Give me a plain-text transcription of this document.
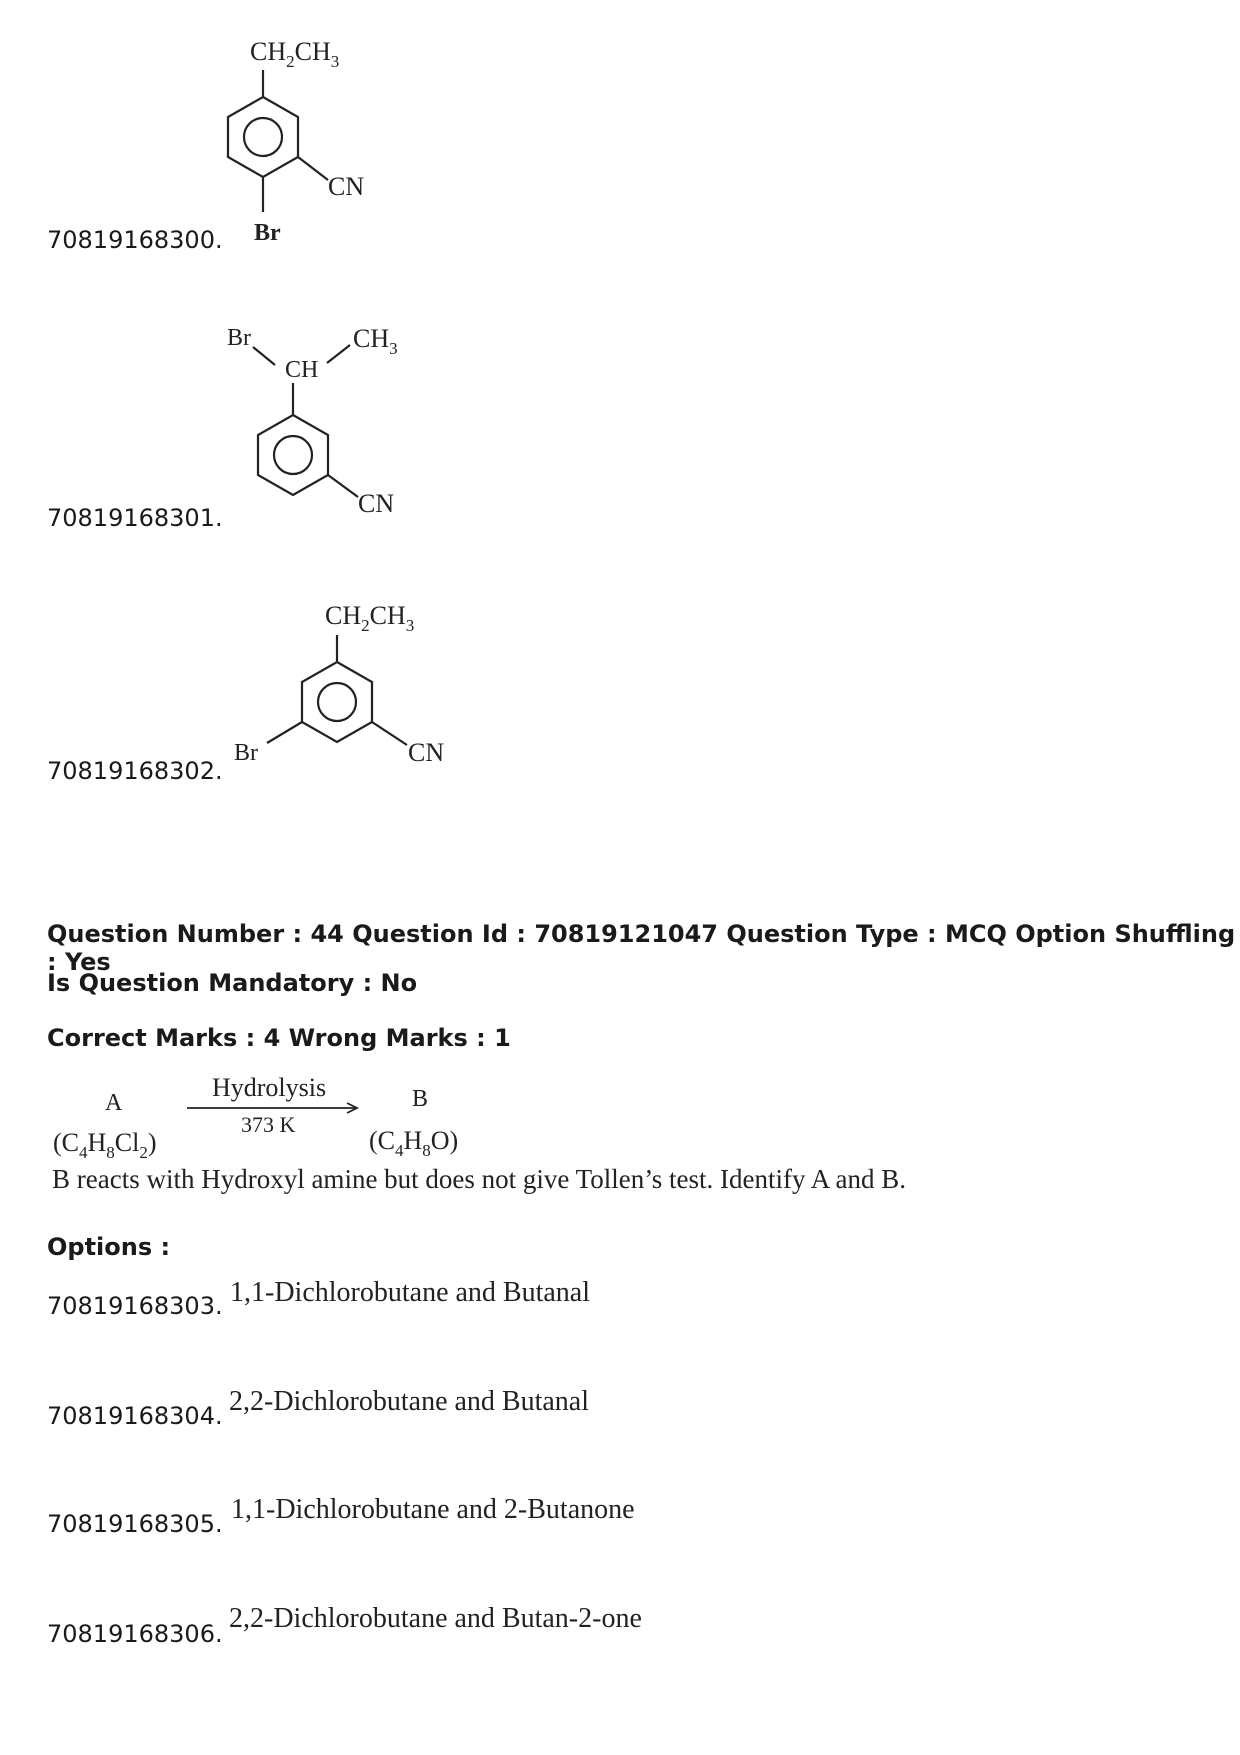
70819168300.
$CH_2CH_3$
CN
Br
70819168301.
Br
CH
$CH_3$
CN
70819168302.
$CH_2CH_3$
Br	CN
Question Number : 44 Question Id : 70819121047 Question Type : MCQ Option Shuffling : Yes
Is Question Mandatory : No
Correct Marks : 4 Wrong Marks : 1
A
$(C_4H_8Cl_2)$
Hydrolysis
373 K
B
$(C_4H_8O)$
B reacts with Hydroxyl amine but does not give Tollen’s test. Identify A and B.
Options :
70819168303. 1,1-Dichlorobutane and Butanal
70819168304. 2,2-Dichlorobutane and Butanal
70819168305. 1,1-Dichlorobutane and 2-Butanone
70819168306. 2,2-Dichlorobutane and Butan-2-one
